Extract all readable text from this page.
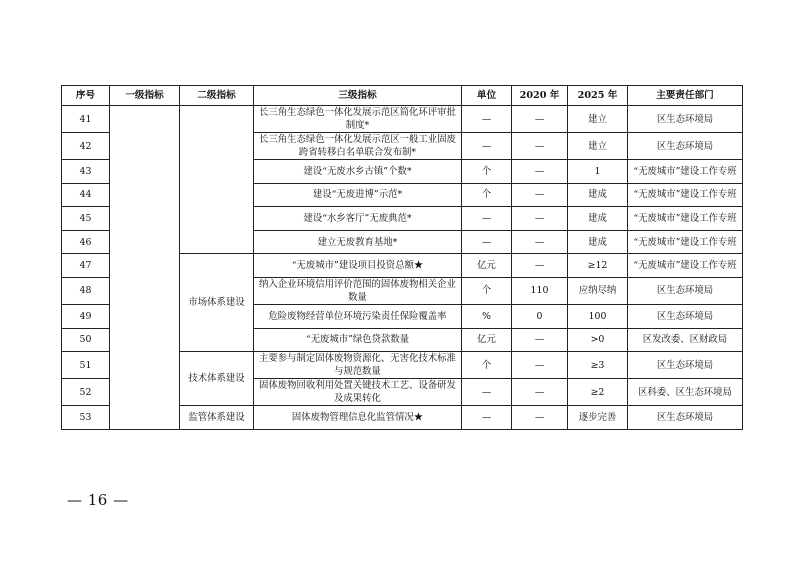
序号	一级指标	二级指标	三级指标	单位	2020 年	2025 年	主要责任部门
41			长三角生态绿色一体化发展示范区简化环评审批制度*	—	—	建立	区生态环境局
42			长三角生态绿色一体化发展示范区一般工业固废跨省转移白名单联合发布制*	—	—	建立	区生态环境局
43			建设“无废水乡古镇”个数*	个	—	1	“无废城市”建设工作专班
44			建设“无废进博”示范*	个	—	建成	“无废城市”建设工作专班
45			建设“水乡客厅”无废典范*	—	—	建成	“无废城市”建设工作专班
46			建立无废教育基地*	—	—	建成	“无废城市”建设工作专班
47		市场体系建设	“无废城市”建设项目投资总额★	亿元	—	≥12	“无废城市”建设工作专班
48			纳入企业环境信用评价范围的固体废物相关企业数量	个	110	应纳尽纳	区生态环境局
49			危险废物经营单位环境污染责任保险覆盖率	%	0	100	区生态环境局
50			“无废城市”绿色贷款数量	亿元	—	>0	区发改委、区财政局
51		技术体系建设	主要参与制定固体废物资源化、无害化技术标准与规范数量	个	—	≥3	区生态环境局
52			固体废物回收利用处置关键技术工艺、设备研发及成果转化	—	—	≥2	区科委、区生态环境局
53		监管体系建设	固体废物管理信息化监管情况★	—	—	逐步完善	区生态环境局
— 16 —
